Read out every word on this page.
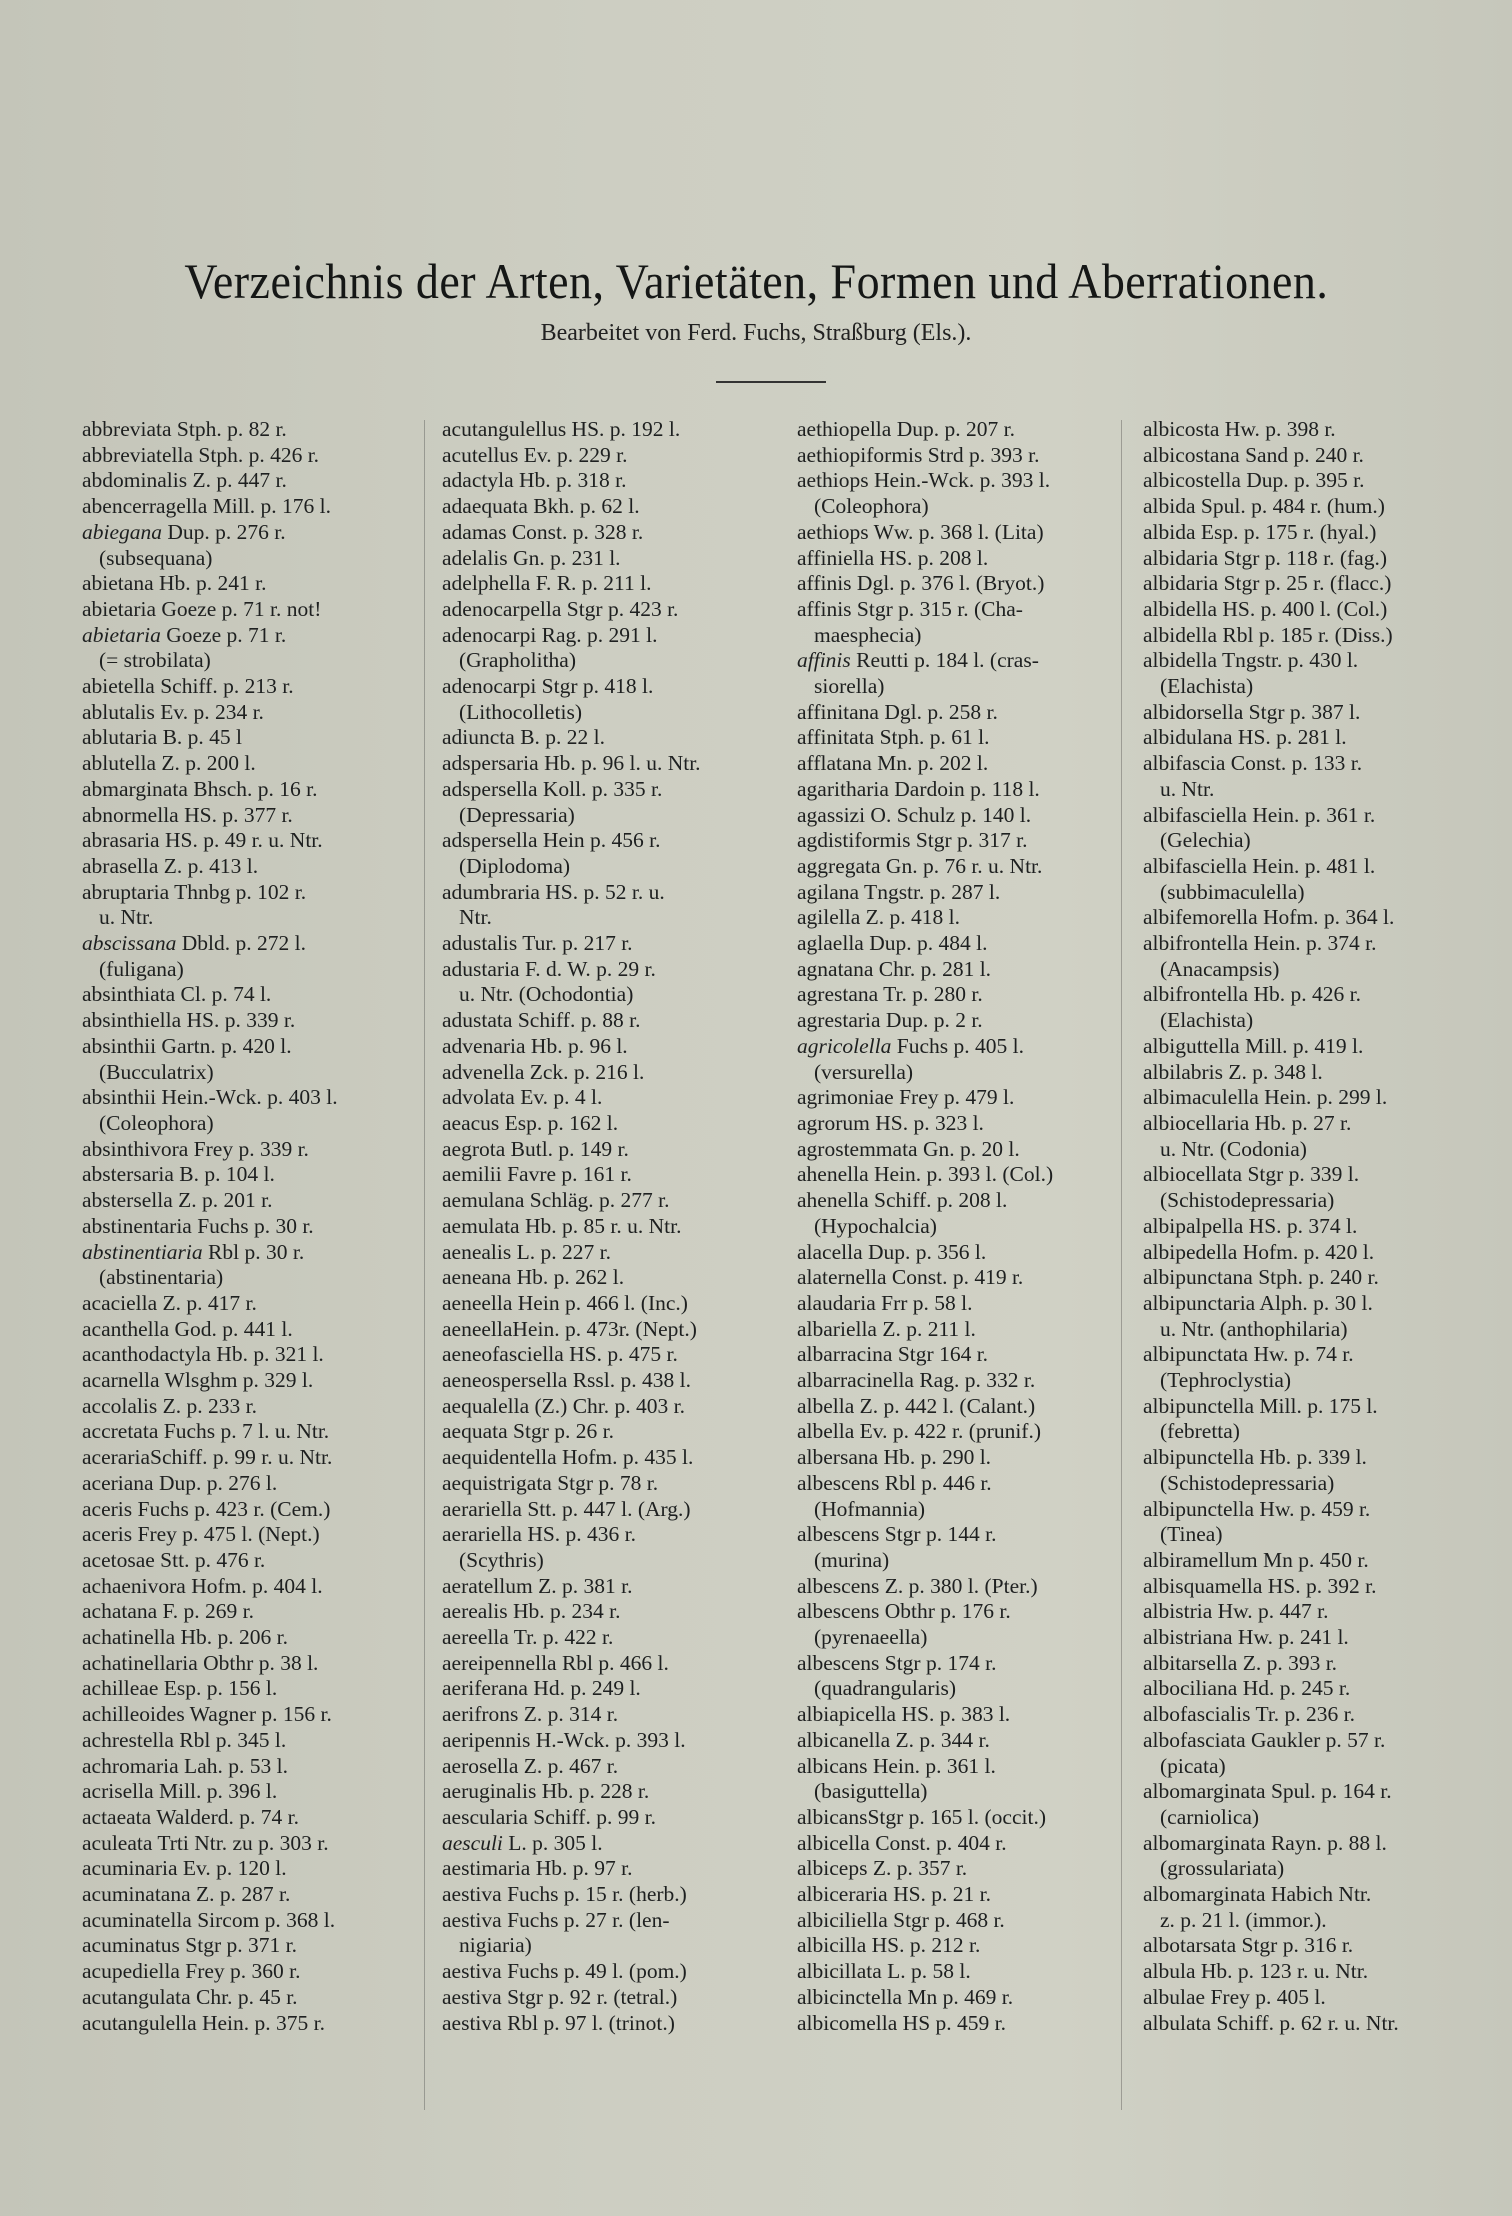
Verzeichnis der Arten, Varietäten, Formen und Aberrationen.
Bearbeitet von Ferd. Fuchs, Straßburg (Els.).
abbreviata Stph. p. 82 r.
abbreviatella Stph. p. 426 r.
abdominalis Z. p. 447 r.
abencerragella Mill. p. 176 l.
abiegana Dup. p. 276 r.
(subsequana)
abietana Hb. p. 241 r.
abietaria Goeze p. 71 r. not!
abietaria Goeze p. 71 r.
(= strobilata)
abietella Schiff. p. 213 r.
ablutalis Ev. p. 234 r.
ablutaria B. p. 45 l
ablutella Z. p. 200 l.
abmarginata Bhsch. p. 16 r.
abnormella HS. p. 377 r.
abrasaria HS. p. 49 r. u. Ntr.
abrasella Z. p. 413 l.
abruptaria Thnbg p. 102 r.
u. Ntr.
abscissana Dbld. p. 272 l.
(fuligana)
absinthiata Cl. p. 74 l.
absinthiella HS. p. 339 r.
absinthii Gartn. p. 420 l.
(Bucculatrix)
absinthii Hein.-Wck. p. 403 l.
(Coleophora)
absinthivora Frey p. 339 r.
abstersaria B. p. 104 l.
abstersella Z. p. 201 r.
abstinentaria Fuchs p. 30 r.
abstinentiaria Rbl p. 30 r.
(abstinentaria)
acaciella Z. p. 417 r.
acanthella God. p. 441 l.
acanthodactyla Hb. p. 321 l.
acarnella Wlsghm p. 329 l.
accolalis Z. p. 233 r.
accretata Fuchs p. 7 l. u. Ntr.
acerariaSchiff. p. 99 r. u. Ntr.
aceriana Dup. p. 276 l.
aceris Fuchs p. 423 r. (Cem.)
aceris Frey p. 475 l. (Nept.)
acetosae Stt. p. 476 r.
achaenivora Hofm. p. 404 l.
achatana F. p. 269 r.
achatinella Hb. p. 206 r.
achatinellaria Obthr p. 38 l.
achilleae Esp. p. 156 l.
achilleoides Wagner p. 156 r.
achrestella Rbl p. 345 l.
achromaria Lah. p. 53 l.
acrisella Mill. p. 396 l.
actaeata Walderd. p. 74 r.
aculeata Trti Ntr. zu p. 303 r.
acuminaria Ev. p. 120 l.
acuminatana Z. p. 287 r.
acuminatella Sircom p. 368 l.
acuminatus Stgr p. 371 r.
acupediella Frey p. 360 r.
acutangulata Chr. p. 45 r.
acutangulella Hein. p. 375 r.
acutangulellus HS. p. 192 l.
acutellus Ev. p. 229 r.
adactyla Hb. p. 318 r.
adaequata Bkh. p. 62 l.
adamas Const. p. 328 r.
adelalis Gn. p. 231 l.
adelphella F. R. p. 211 l.
adenocarpella Stgr p. 423 r.
adenocarpi Rag. p. 291 l.
(Grapholitha)
adenocarpi Stgr p. 418 l.
(Lithocolletis)
adiuncta B. p. 22 l.
adspersaria Hb. p. 96 l. u. Ntr.
adspersella Koll. p. 335 r.
(Depressaria)
adspersella Hein p. 456 r.
(Diplodoma)
adumbraria HS. p. 52 r. u.
Ntr.
adustalis Tur. p. 217 r.
adustaria F. d. W. p. 29 r.
u. Ntr. (Ochodontia)
adustata Schiff. p. 88 r.
advenaria Hb. p. 96 l.
advenella Zck. p. 216 l.
advolata Ev. p. 4 l.
aeacus Esp. p. 162 l.
aegrota Butl. p. 149 r.
aemilii Favre p. 161 r.
aemulana Schläg. p. 277 r.
aemulata Hb. p. 85 r. u. Ntr.
aenealis L. p. 227 r.
aeneana Hb. p. 262 l.
aeneella Hein p. 466 l. (Inc.)
aeneellaHein. p. 473r. (Nept.)
aeneofasciella HS. p. 475 r.
aeneospersella Rssl. p. 438 l.
aequalella (Z.) Chr. p. 403 r.
aequata Stgr p. 26 r.
aequidentella Hofm. p. 435 l.
aequistrigata Stgr p. 78 r.
aerariella Stt. p. 447 l. (Arg.)
aerariella HS. p. 436 r.
(Scythris)
aeratellum Z. p. 381 r.
aerealis Hb. p. 234 r.
aereella Tr. p. 422 r.
aereipennella Rbl p. 466 l.
aeriferana Hd. p. 249 l.
aerifrons Z. p. 314 r.
aeripennis H.-Wck. p. 393 l.
aerosella Z. p. 467 r.
aeruginalis Hb. p. 228 r.
aescularia Schiff. p. 99 r.
aesculi L. p. 305 l.
aestimaria Hb. p. 97 r.
aestiva Fuchs p. 15 r. (herb.)
aestiva Fuchs p. 27 r. (len-
nigiaria)
aestiva Fuchs p. 49 l. (pom.)
aestiva Stgr p. 92 r. (tetral.)
aestiva Rbl p. 97 l. (trinot.)
aethiopella Dup. p. 207 r.
aethiopiformis Strd p. 393 r.
aethiops Hein.-Wck. p. 393 l.
(Coleophora)
aethiops Ww. p. 368 l. (Lita)
affiniella HS. p. 208 l.
affinis Dgl. p. 376 l. (Bryot.)
affinis Stgr p. 315 r. (Cha-
maesphecia)
affinis Reutti p. 184 l. (cras-
siorella)
affinitana Dgl. p. 258 r.
affinitata Stph. p. 61 l.
afflatana Mn. p. 202 l.
agaritharia Dardoin p. 118 l.
agassizi O. Schulz p. 140 l.
agdistiformis Stgr p. 317 r.
aggregata Gn. p. 76 r. u. Ntr.
agilana Tngstr. p. 287 l.
agilella Z. p. 418 l.
aglaella Dup. p. 484 l.
agnatana Chr. p. 281 l.
agrestana Tr. p. 280 r.
agrestaria Dup. p. 2 r.
agricolella Fuchs p. 405 l.
(versurella)
agrimoniae Frey p. 479 l.
agrorum HS. p. 323 l.
agrostemmata Gn. p. 20 l.
ahenella Hein. p. 393 l. (Col.)
ahenella Schiff. p. 208 l.
(Hypochalcia)
alacella Dup. p. 356 l.
alaternella Const. p. 419 r.
alaudaria Frr p. 58 l.
albariella Z. p. 211 l.
albarracina Stgr 164 r.
albarracinella Rag. p. 332 r.
albella Z. p. 442 l. (Calant.)
albella Ev. p. 422 r. (prunif.)
albersana Hb. p. 290 l.
albescens Rbl p. 446 r.
(Hofmannia)
albescens Stgr p. 144 r.
(murina)
albescens Z. p. 380 l. (Pter.)
albescens Obthr p. 176 r.
(pyrenaeella)
albescens Stgr p. 174 r.
(quadrangularis)
albiapicella HS. p. 383 l.
albicanella Z. p. 344 r.
albicans Hein. p. 361 l.
(basiguttella)
albicansStgr p. 165 l. (occit.)
albicella Const. p. 404 r.
albiceps Z. p. 357 r.
albiceraria HS. p. 21 r.
albiciliella Stgr p. 468 r.
albicilla HS. p. 212 r.
albicillata L. p. 58 l.
albicinctella Mn p. 469 r.
albicomella HS p. 459 r.
albicosta Hw. p. 398 r.
albicostana Sand p. 240 r.
albicostella Dup. p. 395 r.
albida Spul. p. 484 r. (hum.)
albida Esp. p. 175 r. (hyal.)
albidaria Stgr p. 118 r. (fag.)
albidaria Stgr p. 25 r. (flacc.)
albidella HS. p. 400 l. (Col.)
albidella Rbl p. 185 r. (Diss.)
albidella Tngstr. p. 430 l.
(Elachista)
albidorsella Stgr p. 387 l.
albidulana HS. p. 281 l.
albifascia Const. p. 133 r.
u. Ntr.
albifasciella Hein. p. 361 r.
(Gelechia)
albifasciella Hein. p. 481 l.
(subbimaculella)
albifemorella Hofm. p. 364 l.
albifrontella Hein. p. 374 r.
(Anacampsis)
albifrontella Hb. p. 426 r.
(Elachista)
albiguttella Mill. p. 419 l.
albilabris Z. p. 348 l.
albimaculella Hein. p. 299 l.
albiocellaria Hb. p. 27 r.
u. Ntr. (Codonia)
albiocellata Stgr p. 339 l.
(Schistodepressaria)
albipalpella HS. p. 374 l.
albipedella Hofm. p. 420 l.
albipunctana Stph. p. 240 r.
albipunctaria Alph. p. 30 l.
u. Ntr. (anthophilaria)
albipunctata Hw. p. 74 r.
(Tephroclystia)
albipunctella Mill. p. 175 l.
(febretta)
albipunctella Hb. p. 339 l.
(Schistodepressaria)
albipunctella Hw. p. 459 r.
(Tinea)
albiramellum Mn p. 450 r.
albisquamella HS. p. 392 r.
albistria Hw. p. 447 r.
albistriana Hw. p. 241 l.
albitarsella Z. p. 393 r.
albociliana Hd. p. 245 r.
albofascialis Tr. p. 236 r.
albofasciata Gaukler p. 57 r.
(picata)
albomarginata Spul. p. 164 r.
(carniolica)
albomarginata Rayn. p. 88 l.
(grossulariata)
albomarginata Habich Ntr.
z. p. 21 l. (immor.).
albotarsata Stgr p. 316 r.
albula Hb. p. 123 r. u. Ntr.
albulae Frey p. 405 l.
albulata Schiff. p. 62 r. u. Ntr.
